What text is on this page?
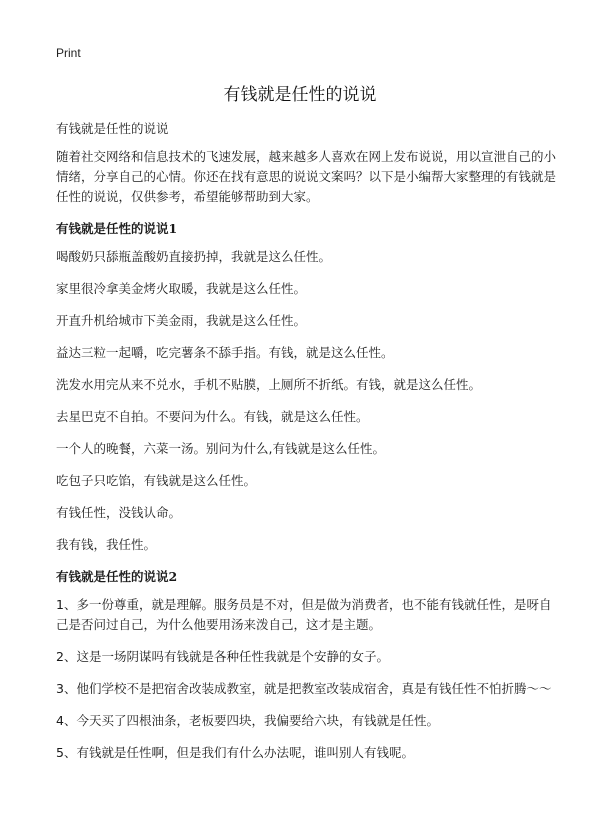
Print
有钱就是任性的说说

有钱就是任性的说说

随着社交网络和信息技术的飞速发展，越来越多人喜欢在网上发布说说，用以宣泄自己的小情绪，分享自己的心情。你还在找有意思的说说文案吗？以下是小编帮大家整理的有钱就是任性的说说，仅供参考，希望能够帮助到大家。

有钱就是任性的说说1

喝酸奶只舔瓶盖酸奶直接扔掉，我就是这么任性。

家里很冷拿美金烤火取暖，我就是这么任性。

开直升机给城市下美金雨，我就是这么任性。

益达三粒一起嚼，吃完薯条不舔手指。有钱，就是这么任性。

洗发水用完从来不兑水，手机不贴膜，上厕所不折纸。有钱，就是这么任性。

去星巴克不自拍。不要问为什么。有钱，就是这么任性。

一个人的晚餐，六菜一汤。别问为什么,有钱就是这么任性。

吃包子只吃馅，有钱就是这么任性。

有钱任性，没钱认命。

我有钱，我任性。

有钱就是任性的说说2

1、多一份尊重，就是理解。服务员是不对，但是做为消费者，也不能有钱就任性，是呀自己是否问过自己，为什么他要用汤来泼自己，这才是主题。

2、这是一场阴谋吗有钱就是各种任性我就是个安静的女子。

3、他们学校不是把宿舍改装成教室，就是把教室改装成宿舍，真是有钱任性不怕折腾～～

4、今天买了四根油条，老板要四块，我偏要给六块，有钱就是任性。

5、有钱就是任性啊，但是我们有什么办法呢，谁叫别人有钱呢。
